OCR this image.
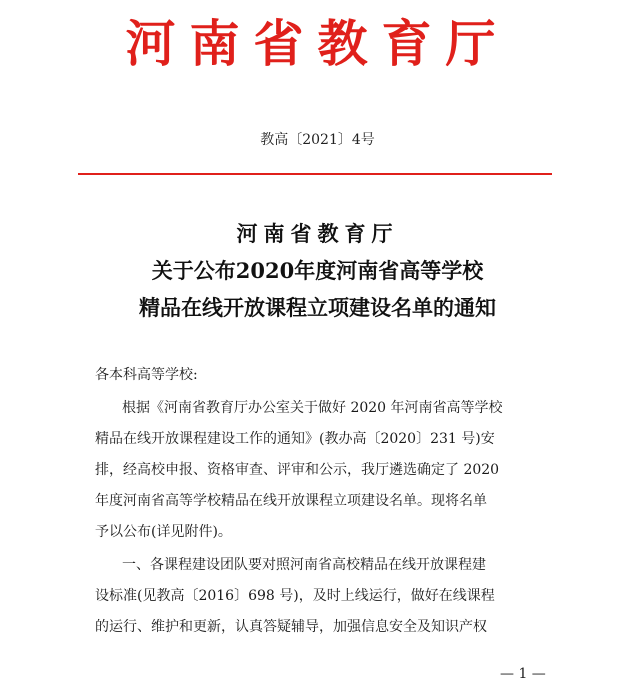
河南省教育厅
教高〔2021〕4号
河南省教育厅
关于公布2020年度河南省高等学校
精品在线开放课程立项建设名单的通知
各本科高等学校:
根据《河南省教育厅办公室关于做好 2020 年河南省高等学校
精品在线开放课程建设工作的通知》(教办高〔2020〕231 号)安
排，经高校申报、资格审查、评审和公示，我厅遴选确定了 2020
年度河南省高等学校精品在线开放课程立项建设名单。现将名单
予以公布(详见附件)。
一、各课程建设团队要对照河南省高校精品在线开放课程建
设标准(见教高〔2016〕698 号)，及时上线运行，做好在线课程
的运行、维护和更新，认真答疑辅导，加强信息安全及知识产权
— 1 —
